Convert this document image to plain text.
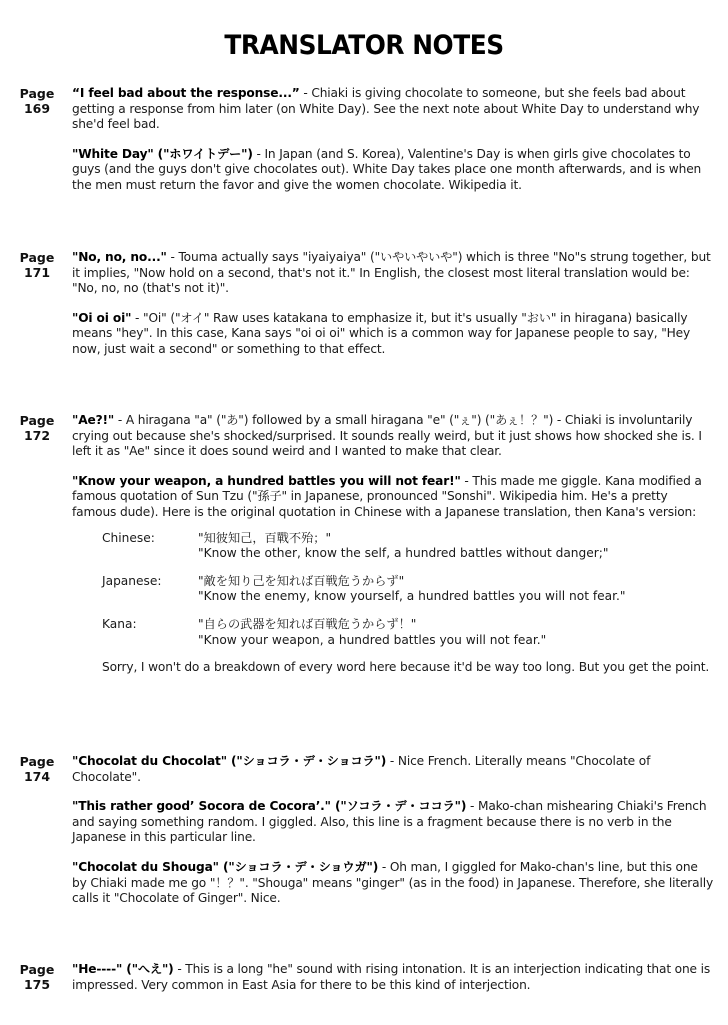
TRANSLATOR NOTES
Page
169

“I feel bad about the response...” - Chiaki is giving chocolate to someone, but she feels bad about getting a response from him later (on White Day). See the next note about White Day to understand why she'd feel bad.

"White Day" ("ホワイトデー") - In Japan (and S. Korea), Valentine's Day is when girls give chocolates to guys (and the guys don't give chocolates out). White Day takes place one month afterwards, and is when the men must return the favor and give the women chocolate. Wikipedia it.

Page
171

"No, no, no..." - Touma actually says "iyaiyaiya" ("いやいやいや") which is three "No"s strung together, but it implies, "Now hold on a second, that's not it." In English, the closest most literal translation would be: "No, no, no (that's not it)".

"Oi oi oi" - "Oi" ("オイ" Raw uses katakana to emphasize it, but it's usually "おい" in hiragana) basically means "hey". In this case, Kana says "oi oi oi" which is a common way for Japanese people to say, "Hey now, just wait a second" or something to that effect.

Page
172

"Ae?!" - A hiragana "a" ("あ") followed by a small hiragana "e" ("ぇ") ("あぇ！？") - Chiaki is involuntarily crying out because she's shocked/surprised. It sounds really weird, but it just shows how shocked she is. I left it as "Ae" since it does sound weird and I wanted to make that clear.

"Know your weapon, a hundred battles you will not fear!" - This made me giggle. Kana modified a famous quotation of Sun Tzu ("孫子" in Japanese, pronounced "Sonshi". Wikipedia him. He's a pretty famous dude). Here is the original quotation in Chinese with a Japanese translation, then Kana's version:

Chinese:	"知彼知己，百戰不殆；"
"Know the other, know the self, a hundred battles without danger;"
Japanese:	"敵を知り己を知れば百戦危うからず"
"Know the enemy, know yourself, a hundred battles you will not fear."
Kana:	"自らの武器を知れば百戦危うからず！"
"Know your weapon, a hundred battles you will not fear."

Sorry, I won't do a breakdown of every word here because it'd be way too long. But you get the point.

Page
174

"Chocolat du Chocolat" ("ショコラ・デ・ショコラ") - Nice French. Literally means "Chocolate of Chocolate".

"This rather good’ Socora de Cocora’." ("ソコラ・デ・ココラ") - Mako-chan mishearing Chiaki's French and saying something random. I giggled. Also, this line is a fragment because there is no verb in the Japanese in this particular line.

"Chocolat du Shouga" ("ショコラ・デ・ショウガ") - Oh man, I giggled for Mako-chan's line, but this one by Chiaki made me go "！？". "Shouga" means "ginger" (as in the food) in Japanese. Therefore, she literally calls it "Chocolate of Ginger". Nice.

Page
175

"He----" ("へえ") - This is a long "he" sound with rising intonation. It is an interjection indicating that one is impressed. Very common in East Asia for there to be this kind of interjection.
